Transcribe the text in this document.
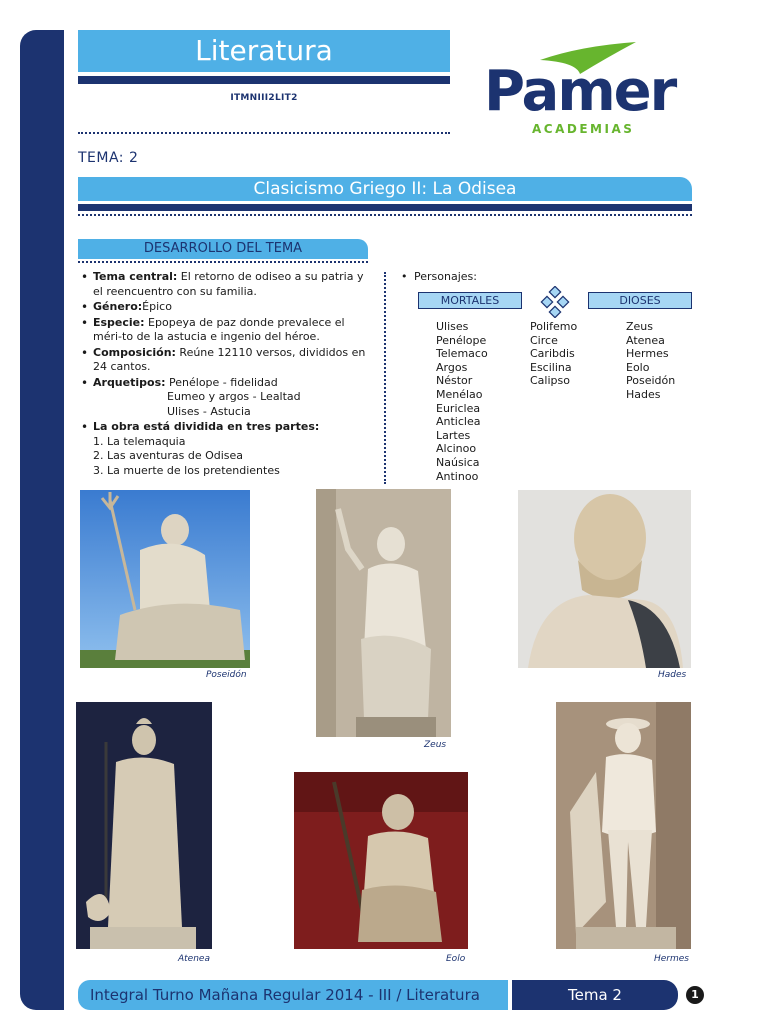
Literatura
ITMNIII2LIT2	Pamer
ACADEMIAS
TEMA: 2
Clasicismo Griego II: La Odisea
DESARROLLO DEL TEMA
• Tema central: El retorno de odiseo a su patria y el reencuentro con su familia.
• Género:Épico
• Especie: Epopeya de paz donde prevalece el méri-to de la astucia e ingenio del héroe.
• Composición: Reúne 12110 versos, divididos en 24 cantos.
• Arquetipos: Penélope - fidelidad
Eumeo y argos - Lealtad
Ulises - Astucia
• La obra está dividida en tres partes:
1. La telemaquia
2. Las aventuras de Odisea
3. La muerte de los pretendientes
• Personajes:
MORTALES	DIOSES
Ulises
Penélope
Telemaco
Argos
Néstor
Menélao
Euriclea
Anticlea
Lartes
Alcinoo
Naúsica
Antinoo
Polifemo
Circe
Caribdis
Escilina
Calipso
Zeus
Atenea
Hermes
Eolo
Poseidón
Hades
Poseidón
Zeus
Hades
Atenea	Eolo	Hermes
Integral Turno Mañana Regular 2014 - III / Literatura	Tema 2	1
